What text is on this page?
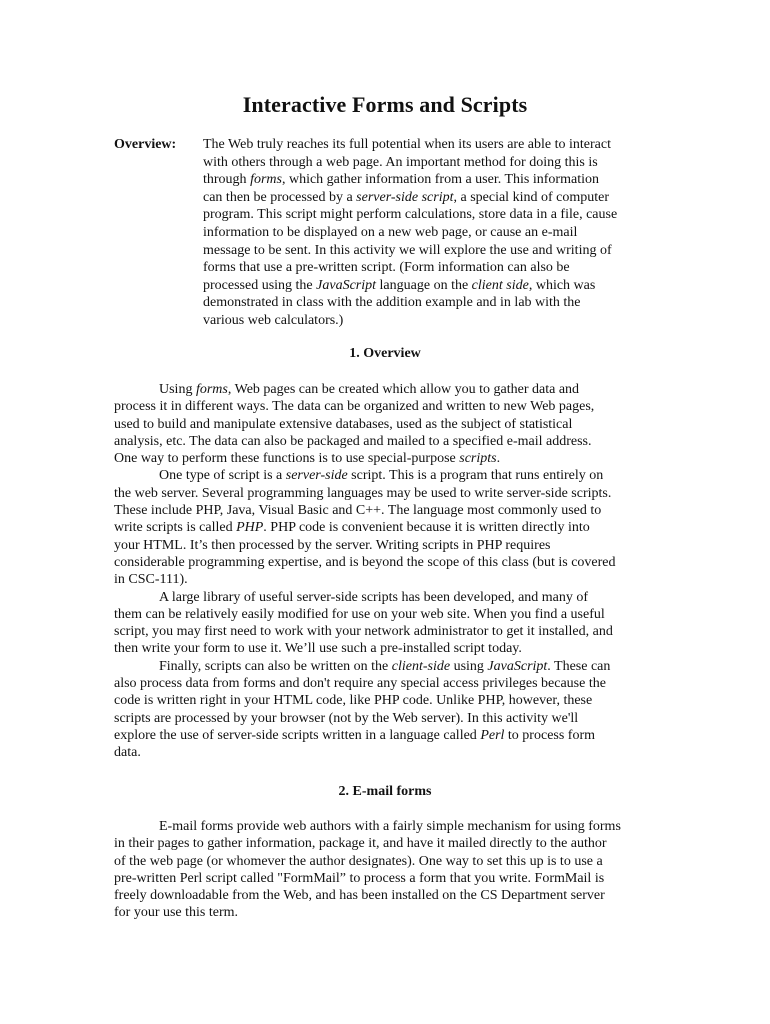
Interactive Forms and Scripts
Overview: The Web truly reaches its full potential when its users are able to interact
with others through a web page. An important method for doing this is
through forms, which gather information from a user. This information
can then be processed by a server-side script, a special kind of computer
program. This script might perform calculations, store data in a file, cause
information to be displayed on a new web page, or cause an e-mail
message to be sent. In this activity we will explore the use and writing of
forms that use a pre-written script. (Form information can also be
processed using the JavaScript language on the client side, which was
demonstrated in class with the addition example and in lab with the
various web calculators.)
1. Overview
Using forms, Web pages can be created which allow you to gather data and
process it in different ways. The data can be organized and written to new Web pages,
used to build and manipulate extensive databases, used as the subject of statistical
analysis, etc. The data can also be packaged and mailed to a specified e-mail address.
One way to perform these functions is to use special-purpose scripts.
One type of script is a server-side script. This is a program that runs entirely on
the web server. Several programming languages may be used to write server-side scripts.
These include PHP, Java, Visual Basic and C++. The language most commonly used to
write scripts is called PHP. PHP code is convenient because it is written directly into
your HTML. It’s then processed by the server. Writing scripts in PHP requires
considerable programming expertise, and is beyond the scope of this class (but is covered
in CSC-111).
A large library of useful server-side scripts has been developed, and many of
them can be relatively easily modified for use on your web site. When you find a useful
script, you may first need to work with your network administrator to get it installed, and
then write your form to use it. We’ll use such a pre-installed script today.
Finally, scripts can also be written on the client-side using JavaScript. These can
also process data from forms and don't require any special access privileges because the
code is written right in your HTML code, like PHP code. Unlike PHP, however, these
scripts are processed by your browser (not by the Web server). In this activity we'll
explore the use of server-side scripts written in a language called Perl to process form
data.
2. E-mail forms
E-mail forms provide web authors with a fairly simple mechanism for using forms
in their pages to gather information, package it, and have it mailed directly to the author
of the web page (or whomever the author designates). One way to set this up is to use a
pre-written Perl script called "FormMail” to process a form that you write. FormMail is
freely downloadable from the Web, and has been installed on the CS Department server
for your use this term.
